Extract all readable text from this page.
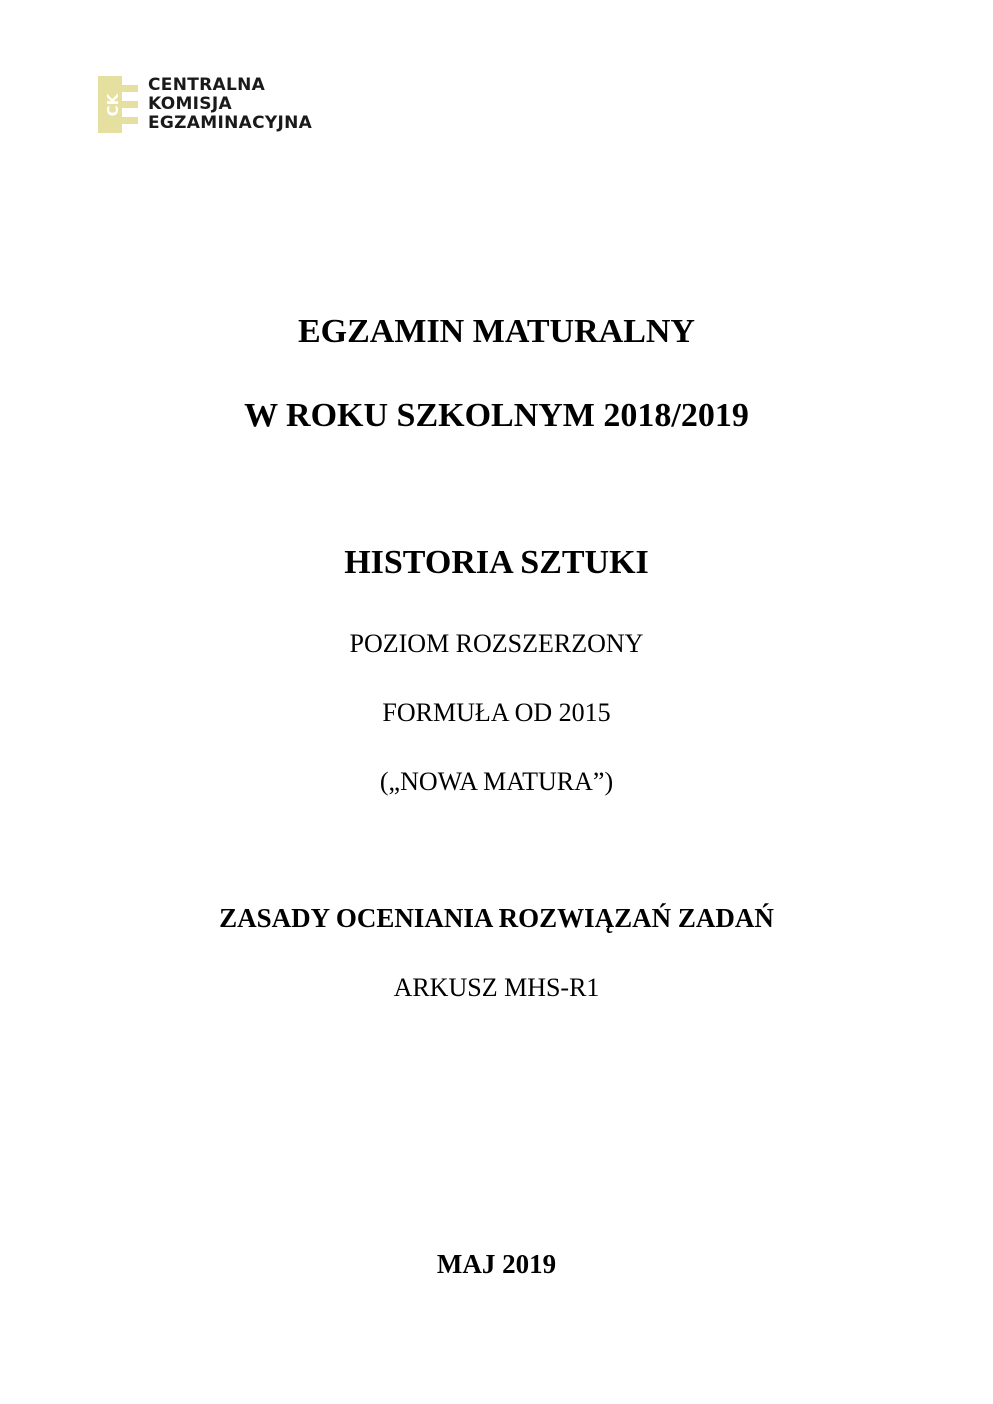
CK
CENTRALNA
KOMISJA
EGZAMINACYJNA
EGZAMIN MATURALNY
W ROKU SZKOLNYM 2018/2019
HISTORIA SZTUKI
POZIOM ROZSZERZONY
FORMUŁA OD 2015
(„NOWA MATURA”)
ZASADY OCENIANIA ROZWIĄZAŃ ZADAŃ
ARKUSZ MHS-R1
MAJ 2019
